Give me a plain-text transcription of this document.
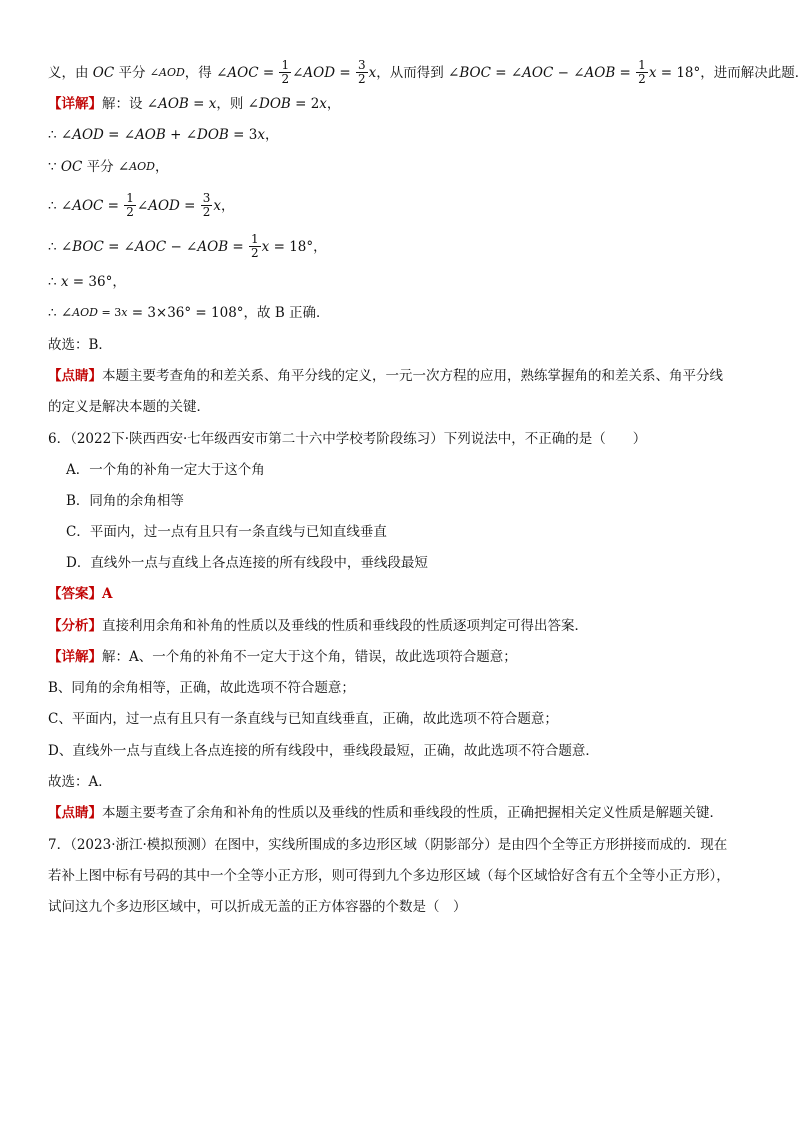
义，由 OC 平分 ∠AOD ，得 ∠ AOC = $\frac{1}{2}$ ∠ AOD = $\frac{3}{2}$ x ，从而得到 ∠ BOC = ∠ AOC − ∠ AOB = $\frac{1}{2}$ x = 18° ，进而解决此题．
【详解】 解：设 ∠ AOB = x ，则 ∠ DOB = 2 x ，
∴ ∠ AOD = ∠ AOB + ∠ DOB = 3 x ，
∵ OC 平分 ∠ AOD ，
∴ ∠ AOC = $\frac{1}{2}$ ∠ AOD = $\frac{3}{2}$ x ，
∴ ∠ BOC = ∠ AOC − ∠ AOB = $\frac{1}{2}$ x = 18°，
∴ x = 36°，
∴ ∠ AOD = 3 x = 3×36° = 108°，故 B 正确．
故选：B．
【点睛】 本题主要考查角的和差关系、角平分线的定义，一元一次方程的应用，熟练掌握角的和差关系、角平分线
的定义是解决本题的关键．
6．（2022下·陕西西安·七年级西安市第二十六中学校考阶段练习）下列说法中，不正确的是（　　）
A．一个角的补角一定大于这个角
B．同角的余角相等
C．平面内，过一点有且只有一条直线与已知直线垂直
D．直线外一点与直线上各点连接的所有线段中，垂线段最短
【答案】 A
【分析】 直接利用余角和补角的性质以及垂线的性质和垂线段的性质逐项判定可得出答案．
【详解】 解：A、一个角的补角不一定大于这个角，错误，故此选项符合题意；
B、同角的余角相等，正确，故此选项不符合题意；
C、平面内，过一点有且只有一条直线与已知直线垂直，正确，故此选项不符合题意；
D、直线外一点与直线上各点连接的所有线段中，垂线段最短，正确，故此选项不符合题意．
故选：A．
【点睛】 本题主要考查了余角和补角的性质以及垂线的性质和垂线段的性质，正确把握相关定义性质是解题关键．
7．（2023·浙江·模拟预测）在图中，实线所围成的多边形区域（阴影部分）是由四个全等正方形拼接而成的．现在
若补上图中标有号码的其中一个全等小正方形，则可得到九个多边形区域（每个区域恰好含有五个全等小正方形），
试问这九个多边形区域中，可以折成无盖的正方体容器的个数是（　）
